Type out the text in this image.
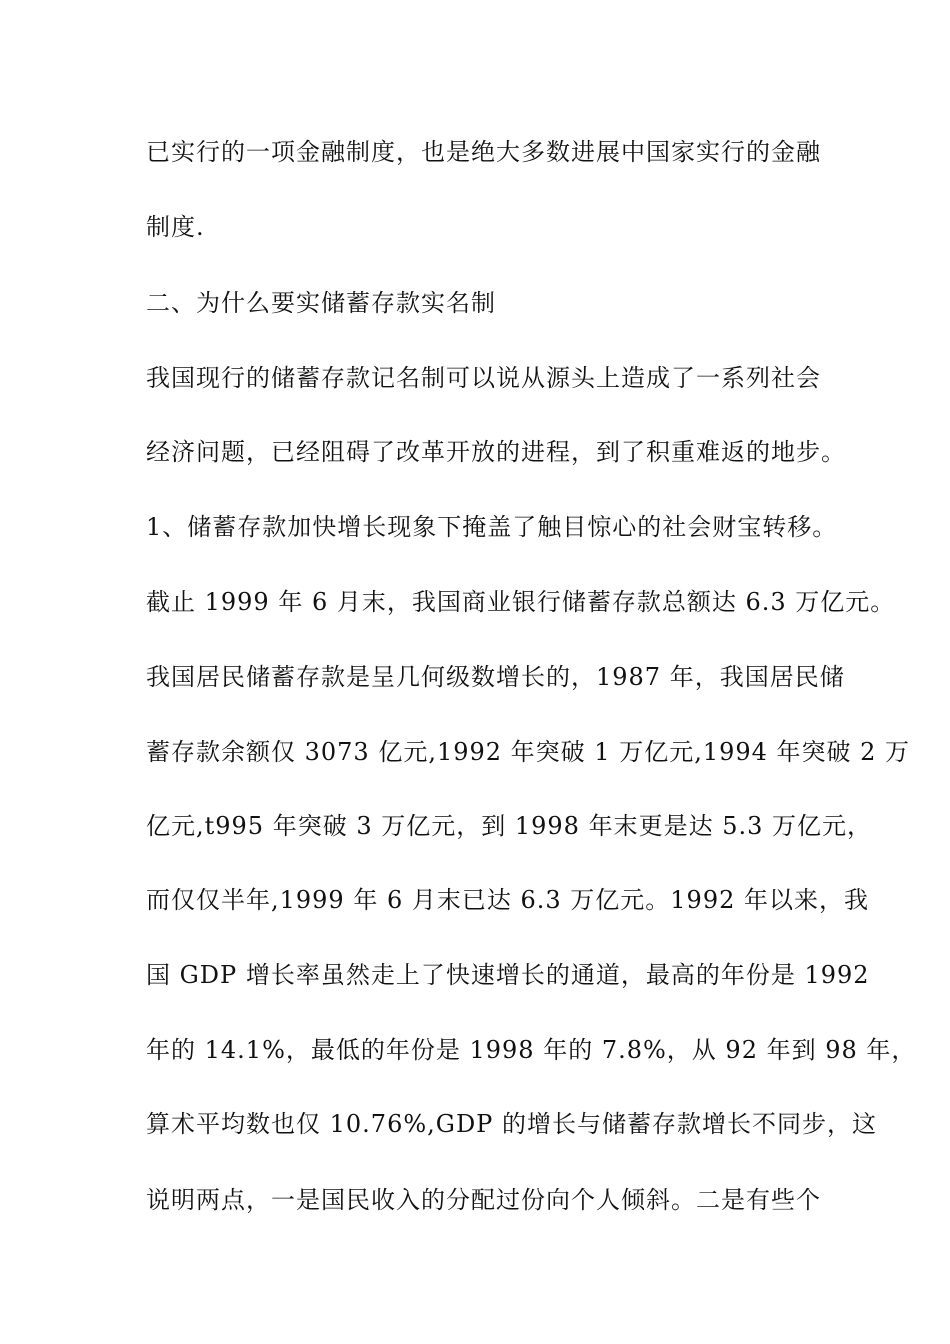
已实行的一项金融制度，也是绝大多数进展中国家实行的金融
制度.
二、为什么要实储蓄存款实名制
我国现行的储蓄存款记名制可以说从源头上造成了一系列社会
经济问题，已经阻碍了改革开放的进程，到了积重难返的地步。
1、储蓄存款加快增长现象下掩盖了触目惊心的社会财宝转移。
截止 1999 年 6 月末，我国商业银行储蓄存款总额达 6.3 万亿元。
我国居民储蓄存款是呈几何级数增长的，1987 年，我国居民储
蓄存款余额仅 3073 亿元,1992 年突破 1 万亿元,1994 年突破 2 万
亿元,t995 年突破 3 万亿元，到 1998 年末更是达 5.3 万亿元，
而仅仅半年,1999 年 6 月末已达 6.3 万亿元。1992 年以来，我
国 GDP 增长率虽然走上了快速增长的通道，最高的年份是 1992
年的 14.1%，最低的年份是 1998 年的 7.8%，从 92 年到 98 年，
算术平均数也仅 10.76%,GDP 的增长与储蓄存款增长不同步，这
说明两点，一是国民收入的分配过份向个人倾斜。二是有些个
